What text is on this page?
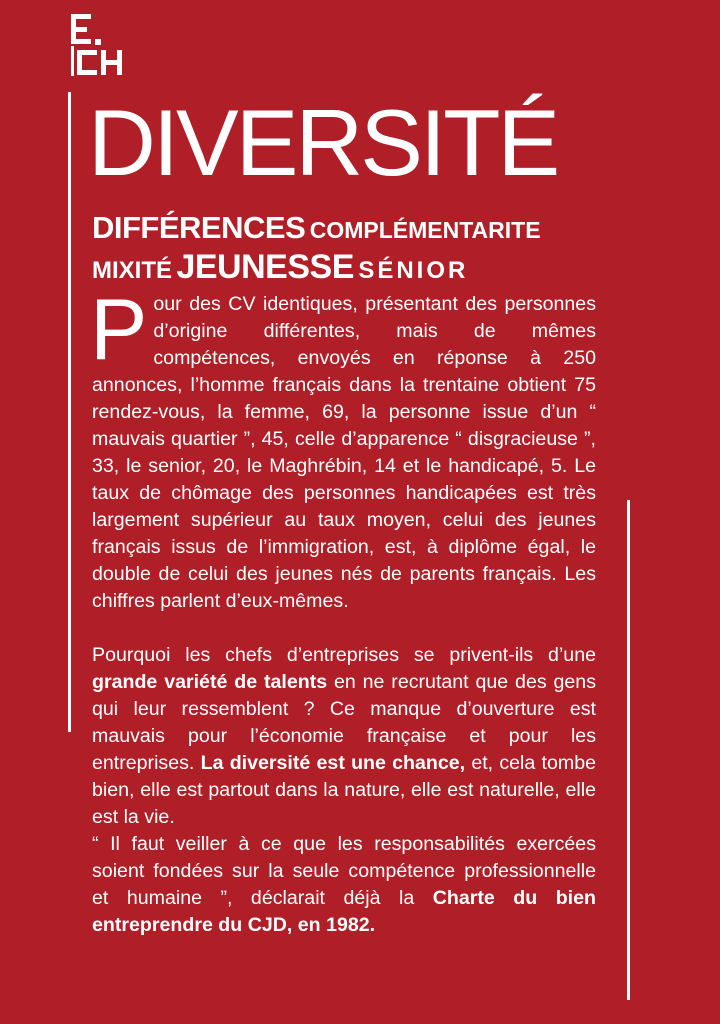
DIVERSITÉ
DIFFÉRENCES COMPLÉMENTARITE
MIXITÉ JEUNESSE SÉNIOR

Pour des CV identiques, présentant des personnes d’origine différentes, mais de mêmes compétences, envoyés en réponse à 250 annonces, l’homme français dans la trentaine obtient 75 rendez-vous, la femme, 69, la personne issue d’un “ mauvais quartier ”, 45, celle d’apparence “ disgracieuse ”, 33, le senior, 20, le Maghrébin, 14 et le handicapé, 5. Le taux de chômage des personnes handicapées est très largement supérieur au taux moyen, celui des jeunes français issus de l’immigration, est, à diplôme égal, le double de celui des jeunes nés de parents français. Les chiffres parlent d’eux-mêmes.

Pourquoi les chefs d’entreprises se privent-ils d’une grande variété de talents en ne recrutant que des gens qui leur ressemblent ? Ce manque d’ouverture est mauvais pour l’économie française et pour les entreprises. La diversité est une chance, et, cela tombe bien, elle est partout dans la nature, elle est naturelle, elle est la vie.
“ Il faut veiller à ce que les responsabilités exercées soient fondées sur la seule compétence professionnelle et humaine ”, déclarait déjà la Charte du bien entreprendre du CJD, en 1982.
